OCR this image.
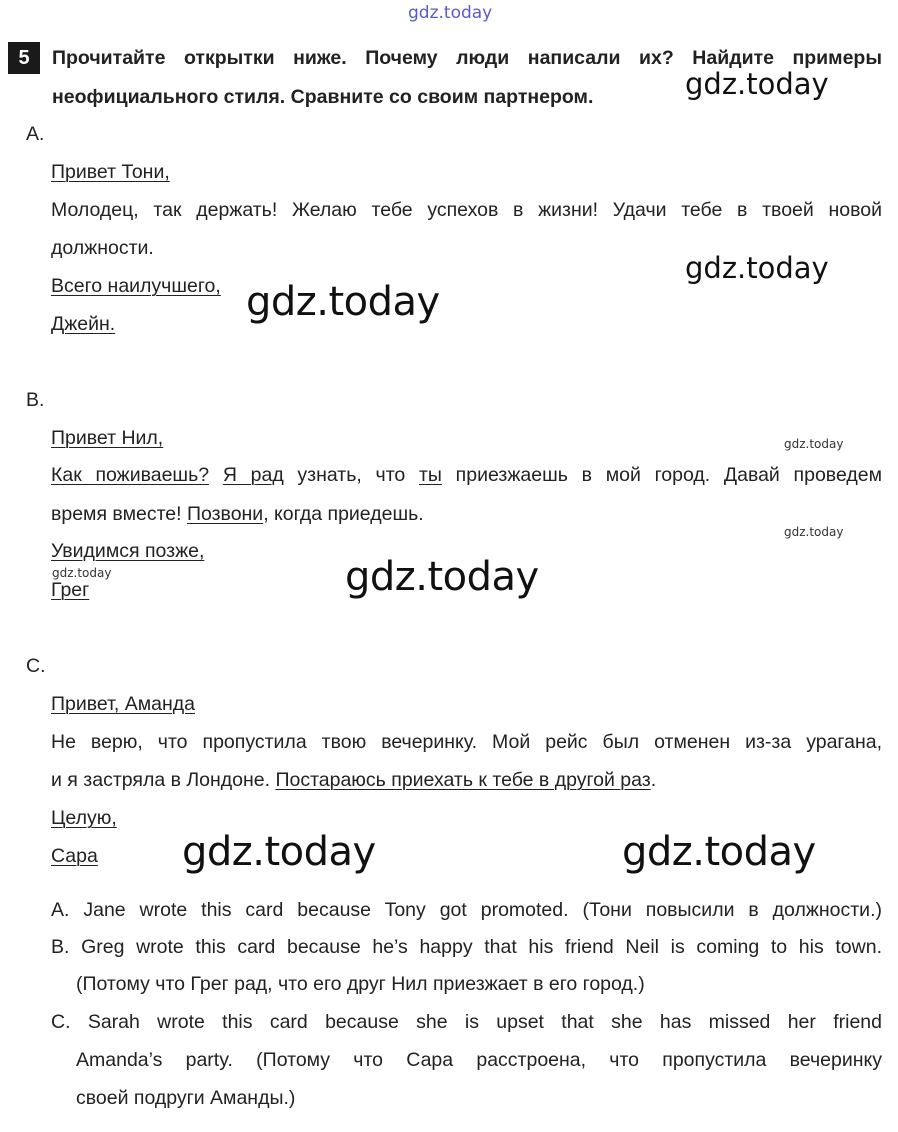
gdz.today
gdz.today
gdz.today
gdz.today
gdz.today
gdz.today
gdz.today	gdz.today
gdz.today	gdz.today
5	Прочитайте открытки ниже. Почему люди написали их? Найдите примеры
неофициального стиля. Сравните со своим партнером.
A.
Привет Тони,
Молодец, так держать! Желаю тебе успехов в жизни! Удачи тебе в твоей новой
должности.
Всего наилучшего,
Джейн.
B.
Привет Нил,
Как поживаешь? Я рад узнать, что ты приезжаешь в мой город. Давай проведем
время вместе! Позвони, когда приедешь.
Увидимся позже,
Грег
C.
Привет, Аманда
Не верю, что пропустила твою вечеринку. Мой рейс был отменен из-за урагана,
и я застряла в Лондоне. Постараюсь приехать к тебе в другой раз.
Целую,
Сара
A. Jane wrote this card because Tony got promoted. (Тони повысили в должности.)
B. Greg wrote this card because he’s happy that his friend Neil is coming to his town.
(Потому что Грег рад, что его друг Нил приезжает в его город.)
C. Sarah wrote this card because she is upset that she has missed her friend
Amanda’s party. (Потому что Сара расстроена, что пропустила вечеринку
своей подруги Аманды.)
